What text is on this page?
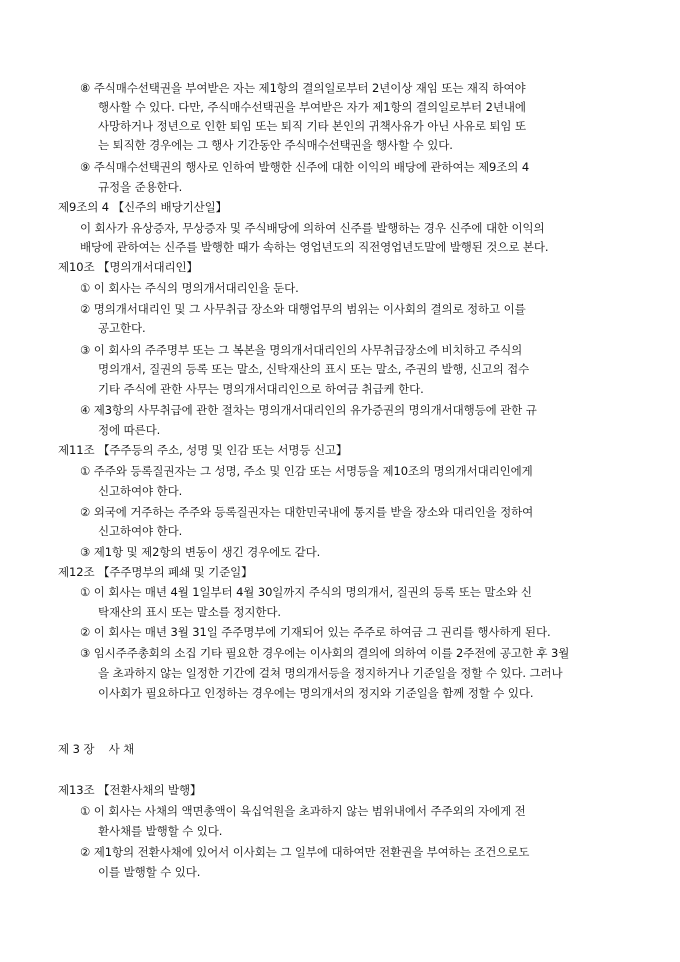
⑧ 주식매수선택권을 부여받은 자는 제1항의 결의일로부터 2년이상 재임 또는 재직 하여야
행사할 수 있다. 다만, 주식매수선택권을 부여받은 자가 제1항의 결의일로부터 2년내에
사망하거나 정년으로 인한 퇴임 또는 퇴직 기타 본인의 귀책사유가 아닌 사유로 퇴임 또
는 퇴직한 경우에는 그 행사 기간동안 주식매수선택권을 행사할 수 있다.
⑨ 주식매수선택권의 행사로 인하여 발행한 신주에 대한 이익의 배당에 관하여는 제9조의 4
규정을 준용한다.
제9조의 4 【신주의 배당기산일】
이 회사가 유상증자, 무상증자 및 주식배당에 의하여 신주를 발행하는 경우 신주에 대한 이익의
배당에 관하여는 신주를 발행한 때가 속하는 영업년도의 직전영업년도말에 발행된 것으로 본다.
제10조 【명의개서대리인】
① 이 회사는 주식의 명의개서대리인을 둔다.
② 명의개서대리인 및 그 사무취급 장소와 대행업무의 범위는 이사회의 결의로 정하고 이를
공고한다.
③ 이 회사의 주주명부 또는 그 복본을 명의개서대리인의 사무취급장소에 비치하고 주식의
명의개서, 질권의 등록 또는 말소, 신탁재산의 표시 또는 말소, 주권의 발행, 신고의 접수
기타 주식에 관한 사무는 명의개서대리인으로 하여금 취급케 한다.
④ 제3항의 사무취급에 관한 절차는 명의개서대리인의 유가증권의 명의개서대행등에 관한 규
정에 따른다.
제11조 【주주등의 주소, 성명 및 인감 또는 서명등 신고】
① 주주와 등록질권자는 그 성명, 주소 및 인감 또는 서명등을 제10조의 명의개서대리인에게
신고하여야 한다.
② 외국에 거주하는 주주와 등록질권자는 대한민국내에 통지를 받을 장소와 대리인을 정하여
신고하여야 한다.
③ 제1항 및 제2항의 변동이 생긴 경우에도 같다.
제12조 【주주명부의 폐쇄 및 기준일】
① 이 회사는 매년 4월 1일부터 4월 30일까지 주식의 명의개서, 질권의 등록 또는 말소와 신
탁재산의 표시 또는 말소를 정지한다.
② 이 회사는 매년 3월 31일 주주명부에 기재되어 있는 주주로 하여금 그 권리를 행사하게 된다.
③ 임시주주총회의 소집 기타 필요한 경우에는 이사회의 결의에 의하여 이를 2주전에 공고한 후 3월
을 초과하지 않는 일정한 기간에 걸쳐 명의개서등을 정지하거나 기준일을 정할 수 있다. 그러나
이사회가 필요하다고 인정하는 경우에는 명의개서의 정지와 기준일을 함께 정할 수 있다.
제 3 장    사 채
제13조 【전환사채의 발행】
① 이 회사는 사채의 액면총액이 육십억원을 초과하지 않는 범위내에서 주주외의 자에게 전
환사채를 발행할 수 있다.
② 제1항의 전환사채에 있어서 이사회는 그 일부에 대하여만 전환권을 부여하는 조건으로도
이를 발행할 수 있다.
